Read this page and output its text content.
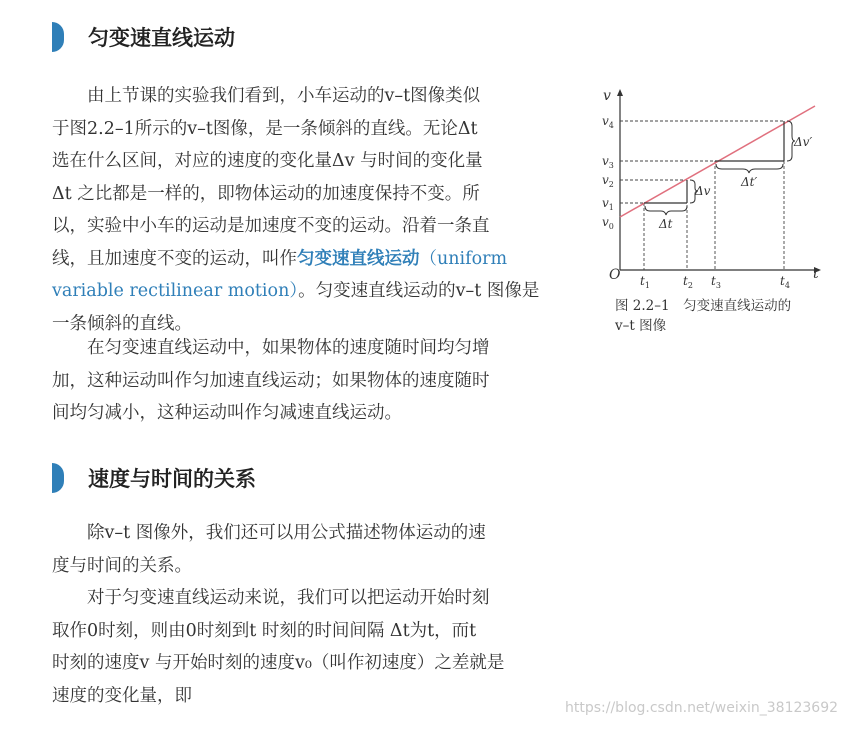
匀变速直线运动
由上节课的实验我们看到，小车运动的v–t图像类似
于图2.2–1所示的v–t图像，是一条倾斜的直线。无论Δt
选在什么区间，对应的速度的变化量Δv 与时间的变化量
Δt 之比都是一样的，即物体运动的加速度保持不变。所
以，实验中小车的运动是加速度不变的运动。沿着一条直
线，且加速度不变的运动，叫作匀变速直线运动（uniform
variable rectilinear motion）。匀变速直线运动的v–t 图像是
一条倾斜的直线。
在匀变速直线运动中，如果物体的速度随时间均匀增
加，这种运动叫作匀加速直线运动；如果物体的速度随时
间均匀减小，这种运动叫作匀减速直线运动。
速度与时间的关系
除v–t 图像外，我们还可以用公式描述物体运动的速
度与时间的关系。
对于匀变速直线运动来说，我们可以把运动开始时刻
取作0时刻，则由0时刻到t 时刻的时间间隔 Δt为t，而t
时刻的速度v 与开始时刻的速度v₀（叫作初速度）之差就是
速度的变化量，即
v
t
O
$v_4$
$v_3$
$v_2$
$v_1$
$v_0$
$t_1$	$t_2$ $t_3$	$t_4$
Δt
Δv
Δt′
Δv′
图 2.2–1　匀变速直线运动的
v–t 图像
https://blog.csdn.net/weixin_38123692
